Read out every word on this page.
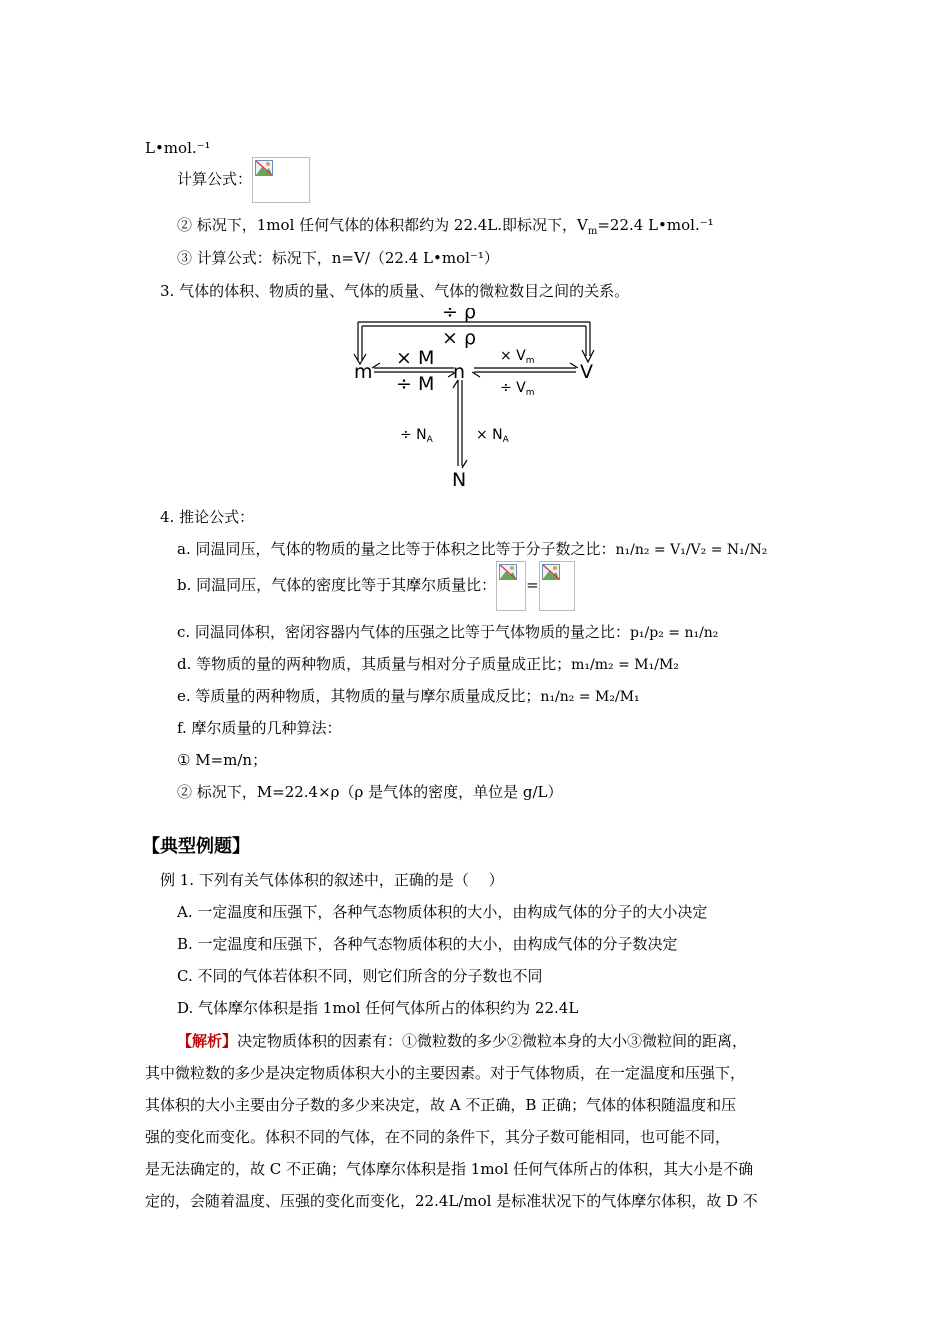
L•mol.⁻¹
计算公式：
② 标况下，1mol 任何气体的体积都约为 22.4L.即标况下，$V_m=22.4$ L•mol.⁻¹
③ 计算公式：标况下，n=V/（22.4 L•mol⁻¹）
3. 气体的体积、物质的量、气体的质量、气体的微粒数目之间的关系。
÷ ρ
× ρ
× M
÷ M
m	n	V
N
× $V_m$
÷ $V_m$
÷ $N_A$	× $N_A$
4. 推论公式：
a. 同温同压，气体的物质的量之比等于体积之比等于分子数之比：n₁/n₂ = V₁/V₂ = N₁/N₂
b. 同温同压，气体的密度比等于其摩尔质量比： =
c. 同温同体积，密闭容器内气体的压强之比等于气体物质的量之比：p₁/p₂ = n₁/n₂
d. 等物质的量的两种物质，其质量与相对分子质量成正比；m₁/m₂ = M₁/M₂
e. 等质量的两种物质，其物质的量与摩尔质量成反比；n₁/n₂ = M₂/M₁
f. 摩尔质量的几种算法：
① M=m/n；
② 标况下，M=22.4×ρ（ρ 是气体的密度，单位是 g/L）
【典型例题】
例 1. 下列有关气体体积的叙述中，正确的是（　 ）
A. 一定温度和压强下，各种气态物质体积的大小，由构成气体的分子的大小决定
B. 一定温度和压强下，各种气态物质体积的大小，由构成气体的分子数决定
C. 不同的气体若体积不同，则它们所含的分子数也不同
D. 气体摩尔体积是指 1mol 任何气体所占的体积约为 22.4L
【解析】决定物质体积的因素有：①微粒数的多少②微粒本身的大小③微粒间的距离，
其中微粒数的多少是决定物质体积大小的主要因素。对于气体物质，在一定温度和压强下，
其体积的大小主要由分子数的多少来决定，故 A 不正确，B 正确；气体的体积随温度和压
强的变化而变化。体积不同的气体，在不同的条件下，其分子数可能相同，也可能不同，
是无法确定的，故 C 不正确；气体摩尔体积是指 1mol 任何气体所占的体积，其大小是不确
定的，会随着温度、压强的变化而变化，22.4L/mol 是标准状况下的气体摩尔体积，故 D 不
